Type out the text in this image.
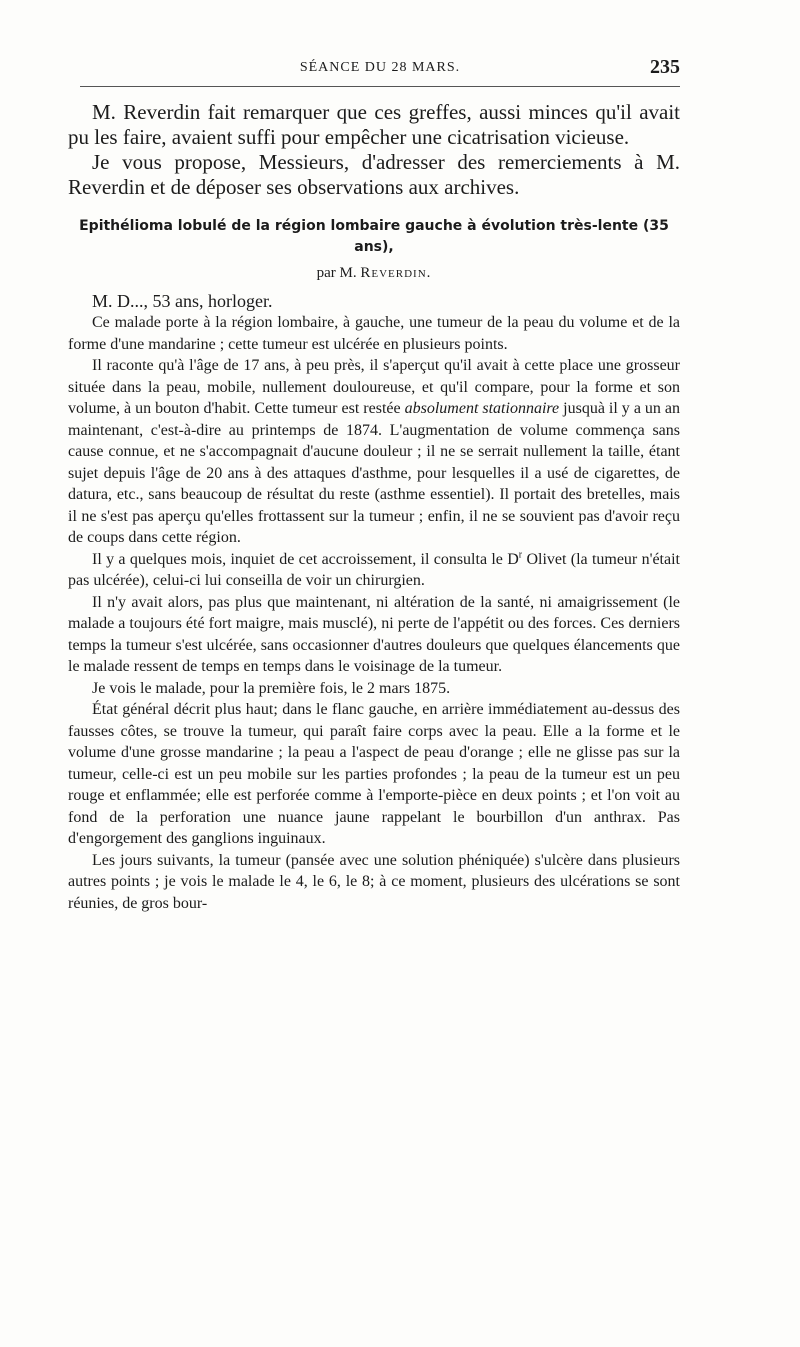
SÉANCE DU 28 MARS.	235

M. Reverdin fait remarquer que ces greffes, aussi minces qu'il avait pu les faire, avaient suffi pour empêcher une cicatrisation vicieuse.

Je vous propose, Messieurs, d'adresser des remerciements à M. Reverdin et de déposer ses observations aux archives.

Epithélioma lobulé de la région lombaire gauche à évolution très-lente (35 ans),

par M. Reverdin.

M. D..., 53 ans, horloger.

Ce malade porte à la région lombaire, à gauche, une tumeur de la peau du volume et de la forme d'une mandarine ; cette tumeur est ulcérée en plusieurs points.

Il raconte qu'à l'âge de 17 ans, à peu près, il s'aperçut qu'il avait à cette place une grosseur située dans la peau, mobile, nullement douloureuse, et qu'il compare, pour la forme et son volume, à un bouton d'habit. Cette tumeur est restée absolument stationnaire jusquà il y a un an maintenant, c'est-à-dire au printemps de 1874. L'augmentation de volume commença sans cause connue, et ne s'accompagnait d'aucune douleur ; il ne se serrait nullement la taille, étant sujet depuis l'âge de 20 ans à des attaques d'asthme, pour lesquelles il a usé de cigarettes, de datura, etc., sans beaucoup de résultat du reste (asthme essentiel). Il portait des bretelles, mais il ne s'est pas aperçu qu'elles frottassent sur la tumeur ; enfin, il ne se souvient pas d'avoir reçu de coups dans cette région.

Il y a quelques mois, inquiet de cet accroissement, il consulta le $D^r$ Olivet (la tumeur n'était pas ulcérée), celui-ci lui conseilla de voir un chirurgien.

Il n'y avait alors, pas plus que maintenant, ni altération de la santé, ni amaigrissement (le malade a toujours été fort maigre, mais musclé), ni perte de l'appétit ou des forces. Ces derniers temps la tumeur s'est ulcérée, sans occasionner d'autres douleurs que quelques élancements que le malade ressent de temps en temps dans le voisinage de la tumeur.

Je vois le malade, pour la première fois, le 2 mars 1875.

État général décrit plus haut; dans le flanc gauche, en arrière immédiatement au-dessus des fausses côtes, se trouve la tumeur, qui paraît faire corps avec la peau. Elle a la forme et le volume d'une grosse mandarine ; la peau a l'aspect de peau d'orange ; elle ne glisse pas sur la tumeur, celle-ci est un peu mobile sur les parties profondes ; la peau de la tumeur est un peu rouge et enflammée; elle est perforée comme à l'emporte-pièce en deux points ; et l'on voit au fond de la perforation une nuance jaune rappelant le bourbillon d'un anthrax. Pas d'engorgement des ganglions inguinaux.

Les jours suivants, la tumeur (pansée avec une solution phéniquée) s'ulcère dans plusieurs autres points ; je vois le malade le 4, le 6, le 8; à ce moment, plusieurs des ulcérations se sont réunies, de gros bour-
